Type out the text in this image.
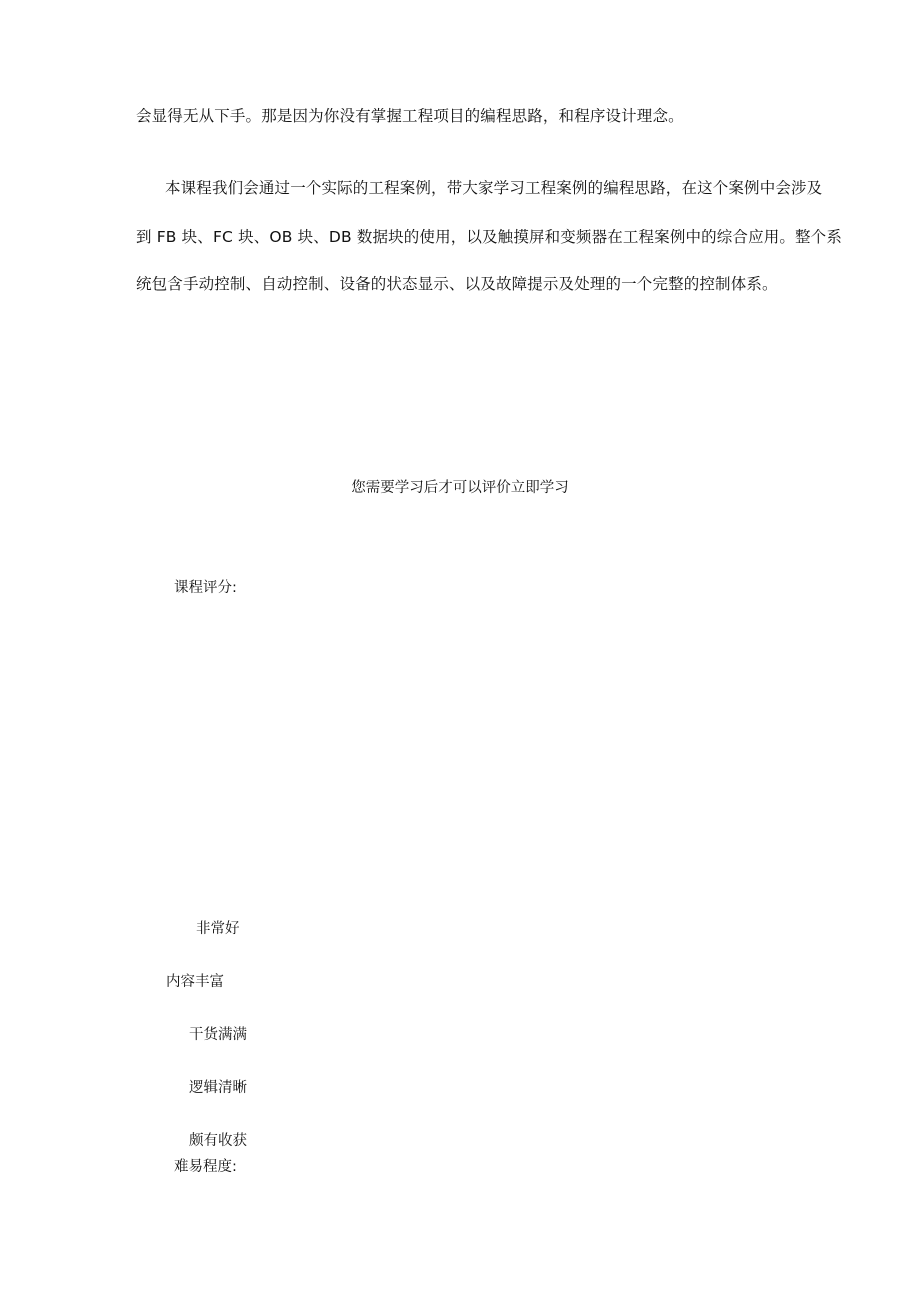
会显得无从下手。那是因为你没有掌握工程项目的编程思路，和程序设计理念。
本课程我们会通过一个实际的工程案例，带大家学习工程案例的编程思路，在这个案例中会涉及
到 FB 块、FC 块、OB 块、DB 数据块的使用，以及触摸屏和变频器在工程案例中的综合应用。整个系
统包含手动控制、自动控制、设备的状态显示、以及故障提示及处理的一个完整的控制体系。
您需要学习后才可以评价立即学习
课程评分:
非常好
内容丰富
干货满满
逻辑清晰
颇有收获
难易程度:
